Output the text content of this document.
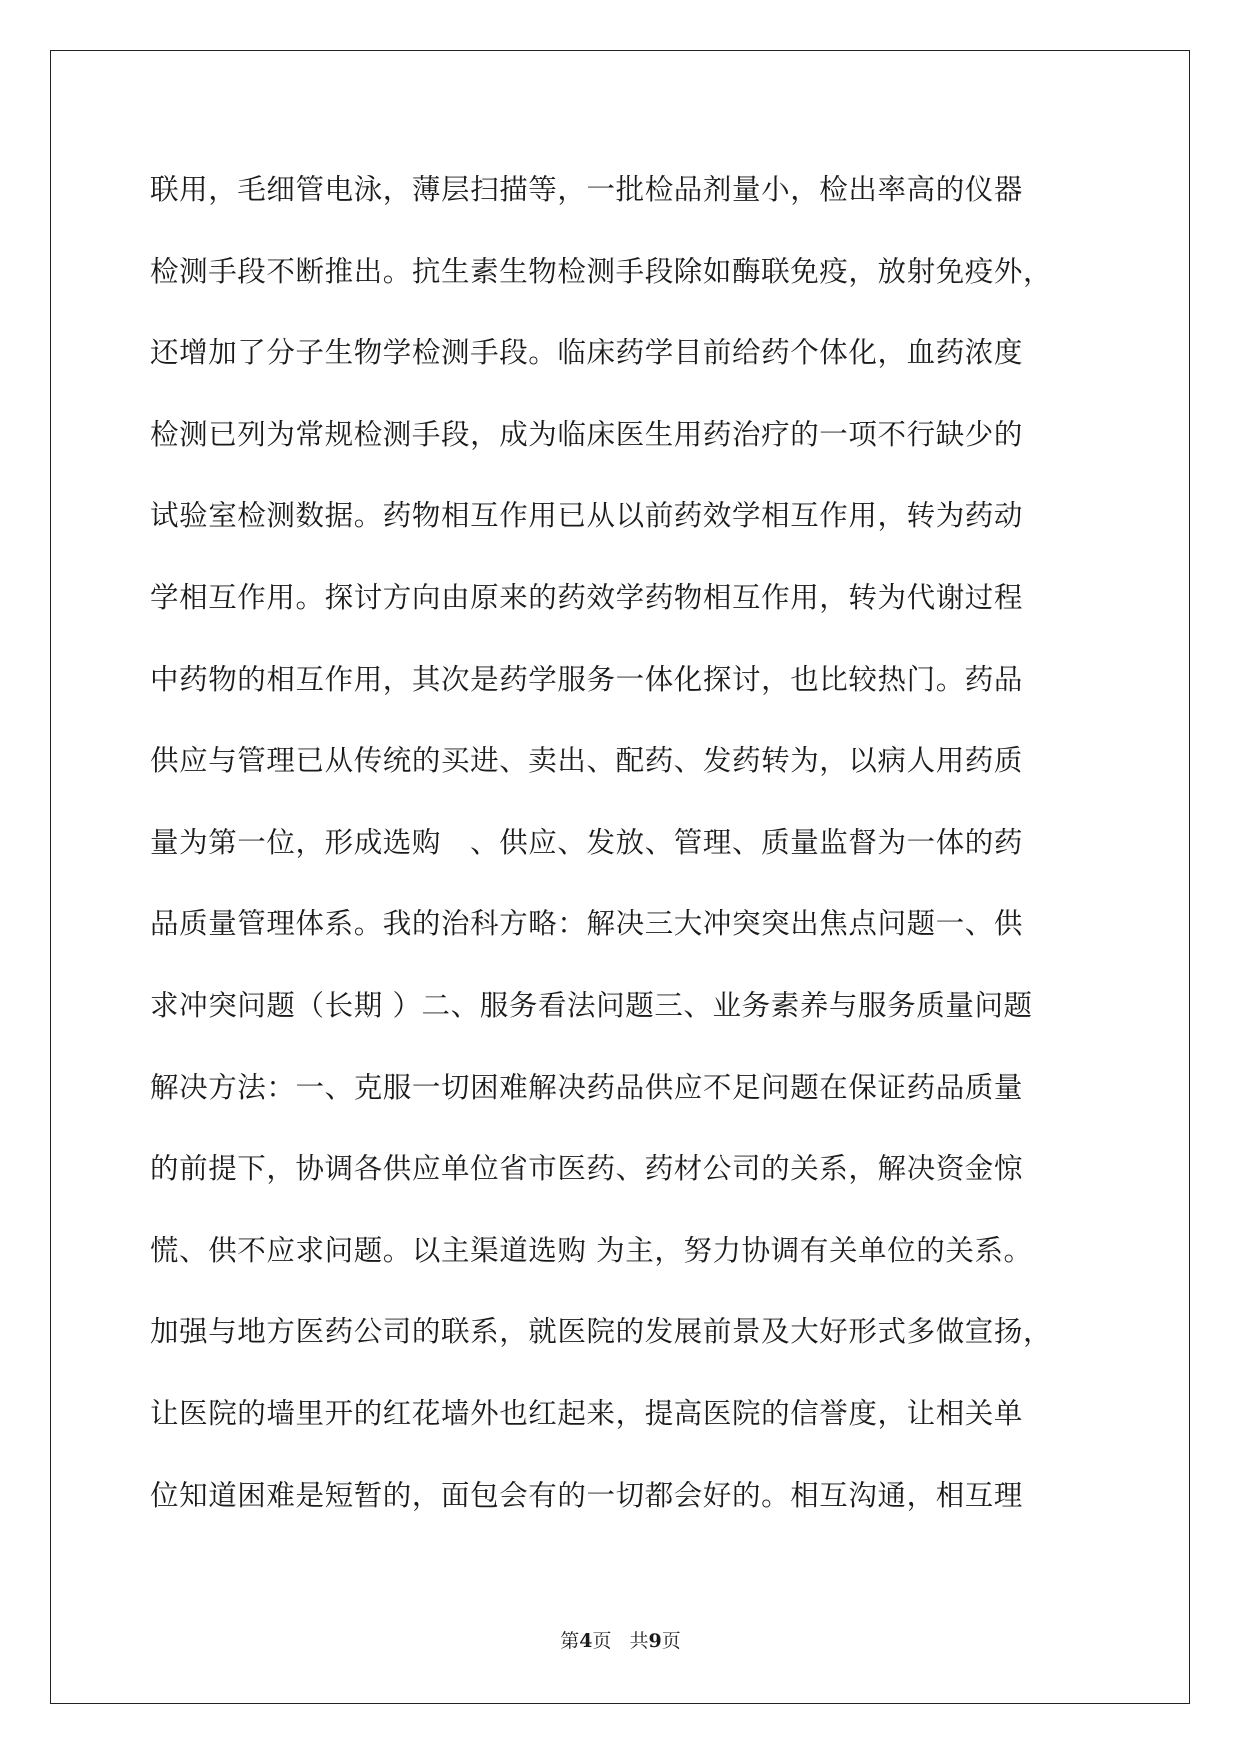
联用，毛细管电泳，薄层扫描等，一批检品剂量小，检出率高的仪器
检测手段不断推出。抗生素生物检测手段除如酶联免疫，放射免疫外，
还增加了分子生物学检测手段。临床药学目前给药个体化，血药浓度
检测已列为常规检测手段，成为临床医生用药治疗的一项不行缺少的
试验室检测数据。药物相互作用已从以前药效学相互作用，转为药动
学相互作用。探讨方向由原来的药效学药物相互作用，转为代谢过程
中药物的相互作用，其次是药学服务一体化探讨，也比较热门。药品
供应与管理已从传统的买进、卖出、配药、发药转为，以病人用药质
量为第一位，形成选购　、供应、发放、管理、质量监督为一体的药
品质量管理体系。我的治科方略：解决三大冲突突出焦点问题一、供
求冲突问题（长期 ）二、服务看法问题三、业务素养与服务质量问题
解决方法：一、克服一切困难解决药品供应不足问题在保证药品质量
的前提下，协调各供应单位省市医药、药材公司的关系，解决资金惊
慌、供不应求问题。以主渠道选购 为主，努力协调有关单位的关系。
加强与地方医药公司的联系，就医院的发展前景及大好形式多做宣扬，
让医院的墙里开的红花墙外也红起来，提高医院的信誉度，让相关单
位知道困难是短暂的，面包会有的一切都会好的。相互沟通，相互理
第4页 共9页
